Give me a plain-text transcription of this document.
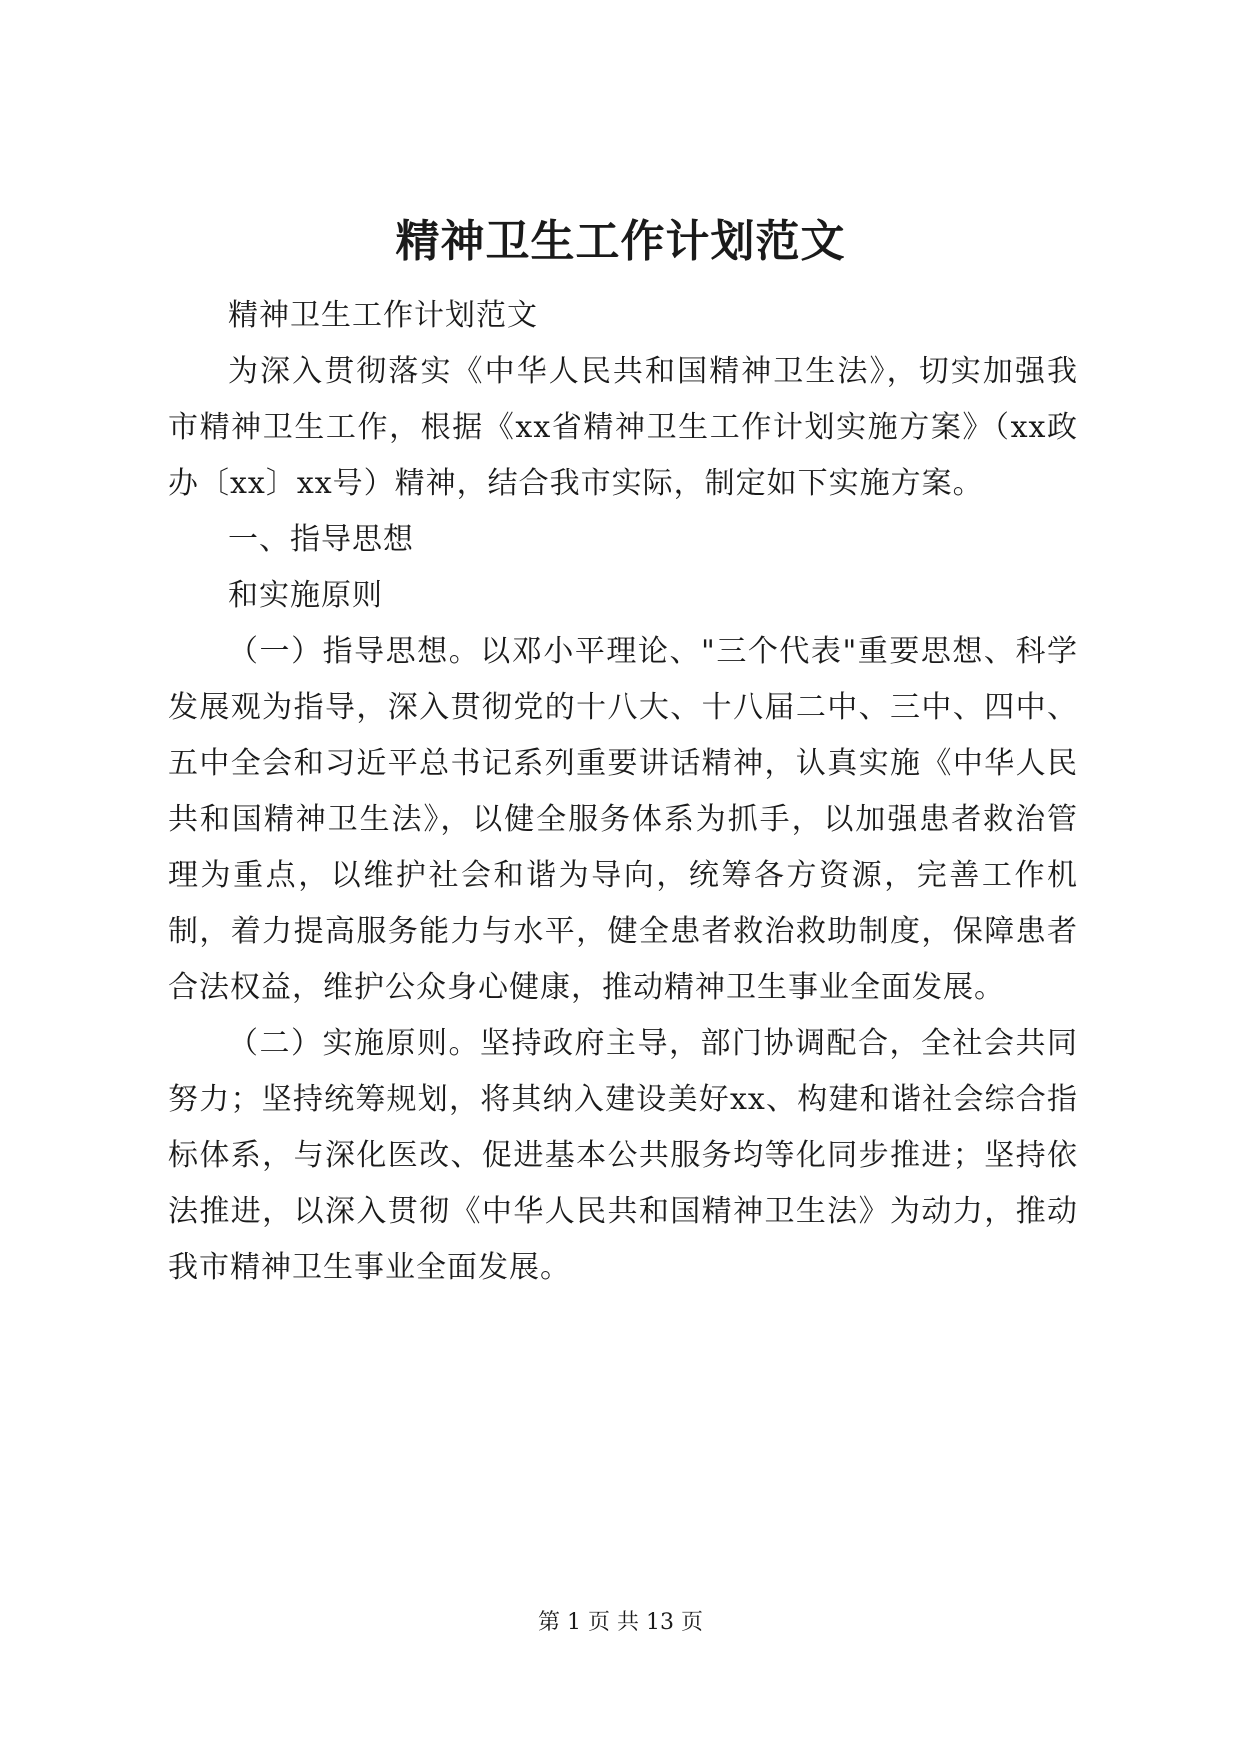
精神卫生工作计划范文

精神卫生工作计划范文

为深入贯彻落实《中华人民共和国精神卫生法》，切实加强我市精神卫生工作，根据《xx省精神卫生工作计划实施方案》（xx政办〔xx〕xx号）精神，结合我市实际，制定如下实施方案。

一、指导思想

和实施原则

（一）指导思想。以邓小平理论、"三个代表"重要思想、科学发展观为指导，深入贯彻党的十八大、十八届二中、三中、四中、五中全会和习近平总书记系列重要讲话精神，认真实施《中华人民共和国精神卫生法》，以健全服务体系为抓手，以加强患者救治管理为重点，以维护社会和谐为导向，统筹各方资源，完善工作机制，着力提高服务能力与水平，健全患者救治救助制度，保障患者合法权益，维护公众身心健康，推动精神卫生事业全面发展。

（二）实施原则。坚持政府主导，部门协调配合，全社会共同努力；坚持统筹规划，将其纳入建设美好xx、构建和谐社会综合指标体系，与深化医改、促进基本公共服务均等化同步推进；坚持依法推进，以深入贯彻《中华人民共和国精神卫生法》为动力，推动我市精神卫生事业全面发展。

第 1 页 共 13 页
